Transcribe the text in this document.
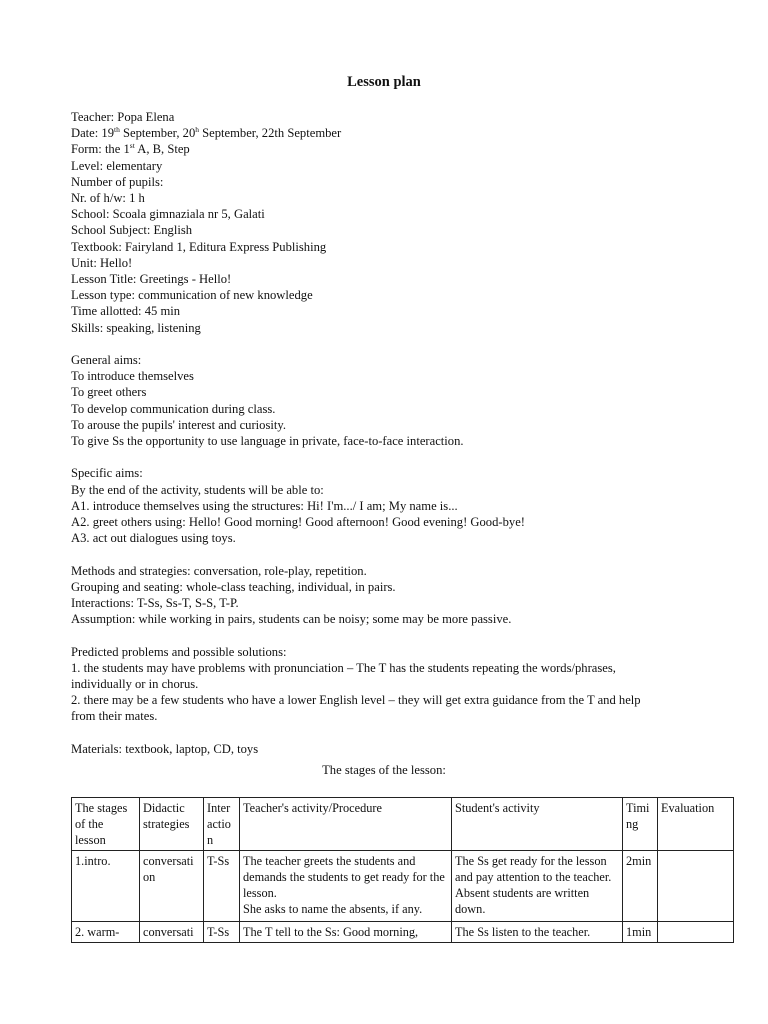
Lesson plan
Teacher: Popa Elena
Date: 19th September, 20$^h$ September, 22th September
Form: the 1st A, B, Step
Level: elementary
Number of pupils:
Nr. of h/w: 1 h
School: Scoala gimnaziala nr 5, Galati
School Subject: English
Textbook: Fairyland 1, Editura Express Publishing
Unit: Hello!
Lesson Title: Greetings - Hello!
Lesson type: communication of new knowledge
Time allotted: 45 min
Skills: speaking, listening
General aims:
To introduce themselves
To greet others
To develop communication during class.
To arouse the pupils' interest and curiosity.
To give Ss the opportunity to use language in private, face-to-face interaction.
Specific aims:
By the end of the activity, students will be able to:
A1. introduce themselves using the structures: Hi! I'm.../ I am; My name is...
A2. greet others using: Hello! Good morning! Good afternoon! Good evening! Good-bye!
A3. act out dialogues using toys.
Methods and strategies: conversation, role-play, repetition.
Grouping and seating: whole-class teaching, individual, in pairs.
Interactions: T-Ss, Ss-T, S-S, T-P.
Assumption: while working in pairs, students can be noisy; some may be more passive.
Predicted problems and possible solutions:
1. the students may have problems with pronunciation – The T has the students repeating the words/phrases,
individually or in chorus.
2. there may be a few students who have a lower English level – they will get extra guidance from the T and help
from their mates.
Materials: textbook, laptop, CD, toys
The stages of the lesson:
The stages of the lesson	Didactic strategies	Inter actio n	Teacher's activity/Procedure	Student's activity	Timi ng	Evaluation
1.intro.	conversati on	T-Ss	The teacher greets the students and demands the students to get ready for the lesson.
She asks to name the absents, if any.	The Ss get ready for the lesson and pay attention to the teacher. Absent students are written down.	2min	
2. warm-	conversati	T-Ss	The T tell to the Ss: Good morning,	The Ss listen to the teacher.	1min	
